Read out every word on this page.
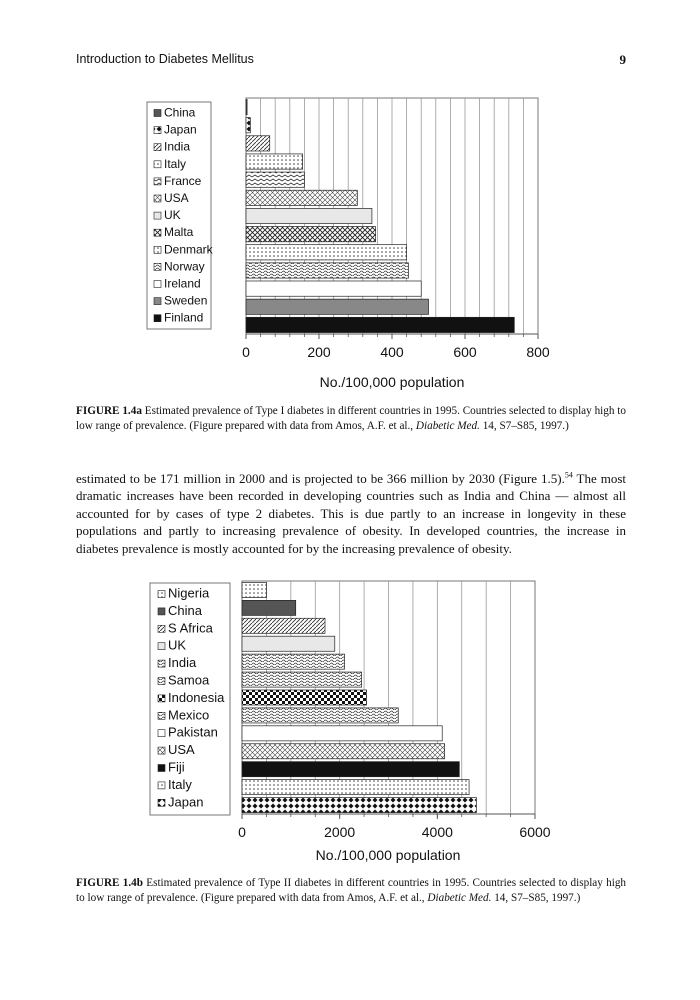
Introduction to Diabetes Mellitus	9
China
Japan
India
Italy
France
USA
UK
Malta
Denmark
Norway
Ireland
Sweden
Finland
0	200	400	600	800
No./100,000 population
FIGURE 1.4a Estimated prevalence of Type I diabetes in different countries in 1995. Countries selected to display high to low range of prevalence. (Figure prepared with data from Amos, A.F. et al., Diabetic Med. 14, S7–S85, 1997.)
estimated to be 171 million in 2000 and is projected to be 366 million by 2030 (Figure 1.5).$^{54}$ The most dramatic increases have been recorded in developing countries such as India and China — almost all accounted for by cases of type 2 diabetes. This is due partly to an increase in longevity in these populations and partly to increasing prevalence of obesity. In developed countries, the increase in diabetes prevalence is mostly accounted for by the increasing prevalence of obesity.
Nigeria
China
S Africa
UK
India
Samoa
Indonesia
Mexico
Pakistan
USA
Fiji
Italy
Japan
0	2000	4000	6000
No./100,000 population
FIGURE 1.4b Estimated prevalence of Type II diabetes in different countries in 1995. Countries selected to display high to low range of prevalence. (Figure prepared with data from Amos, A.F. et al., Diabetic Med. 14, S7–S85, 1997.)
